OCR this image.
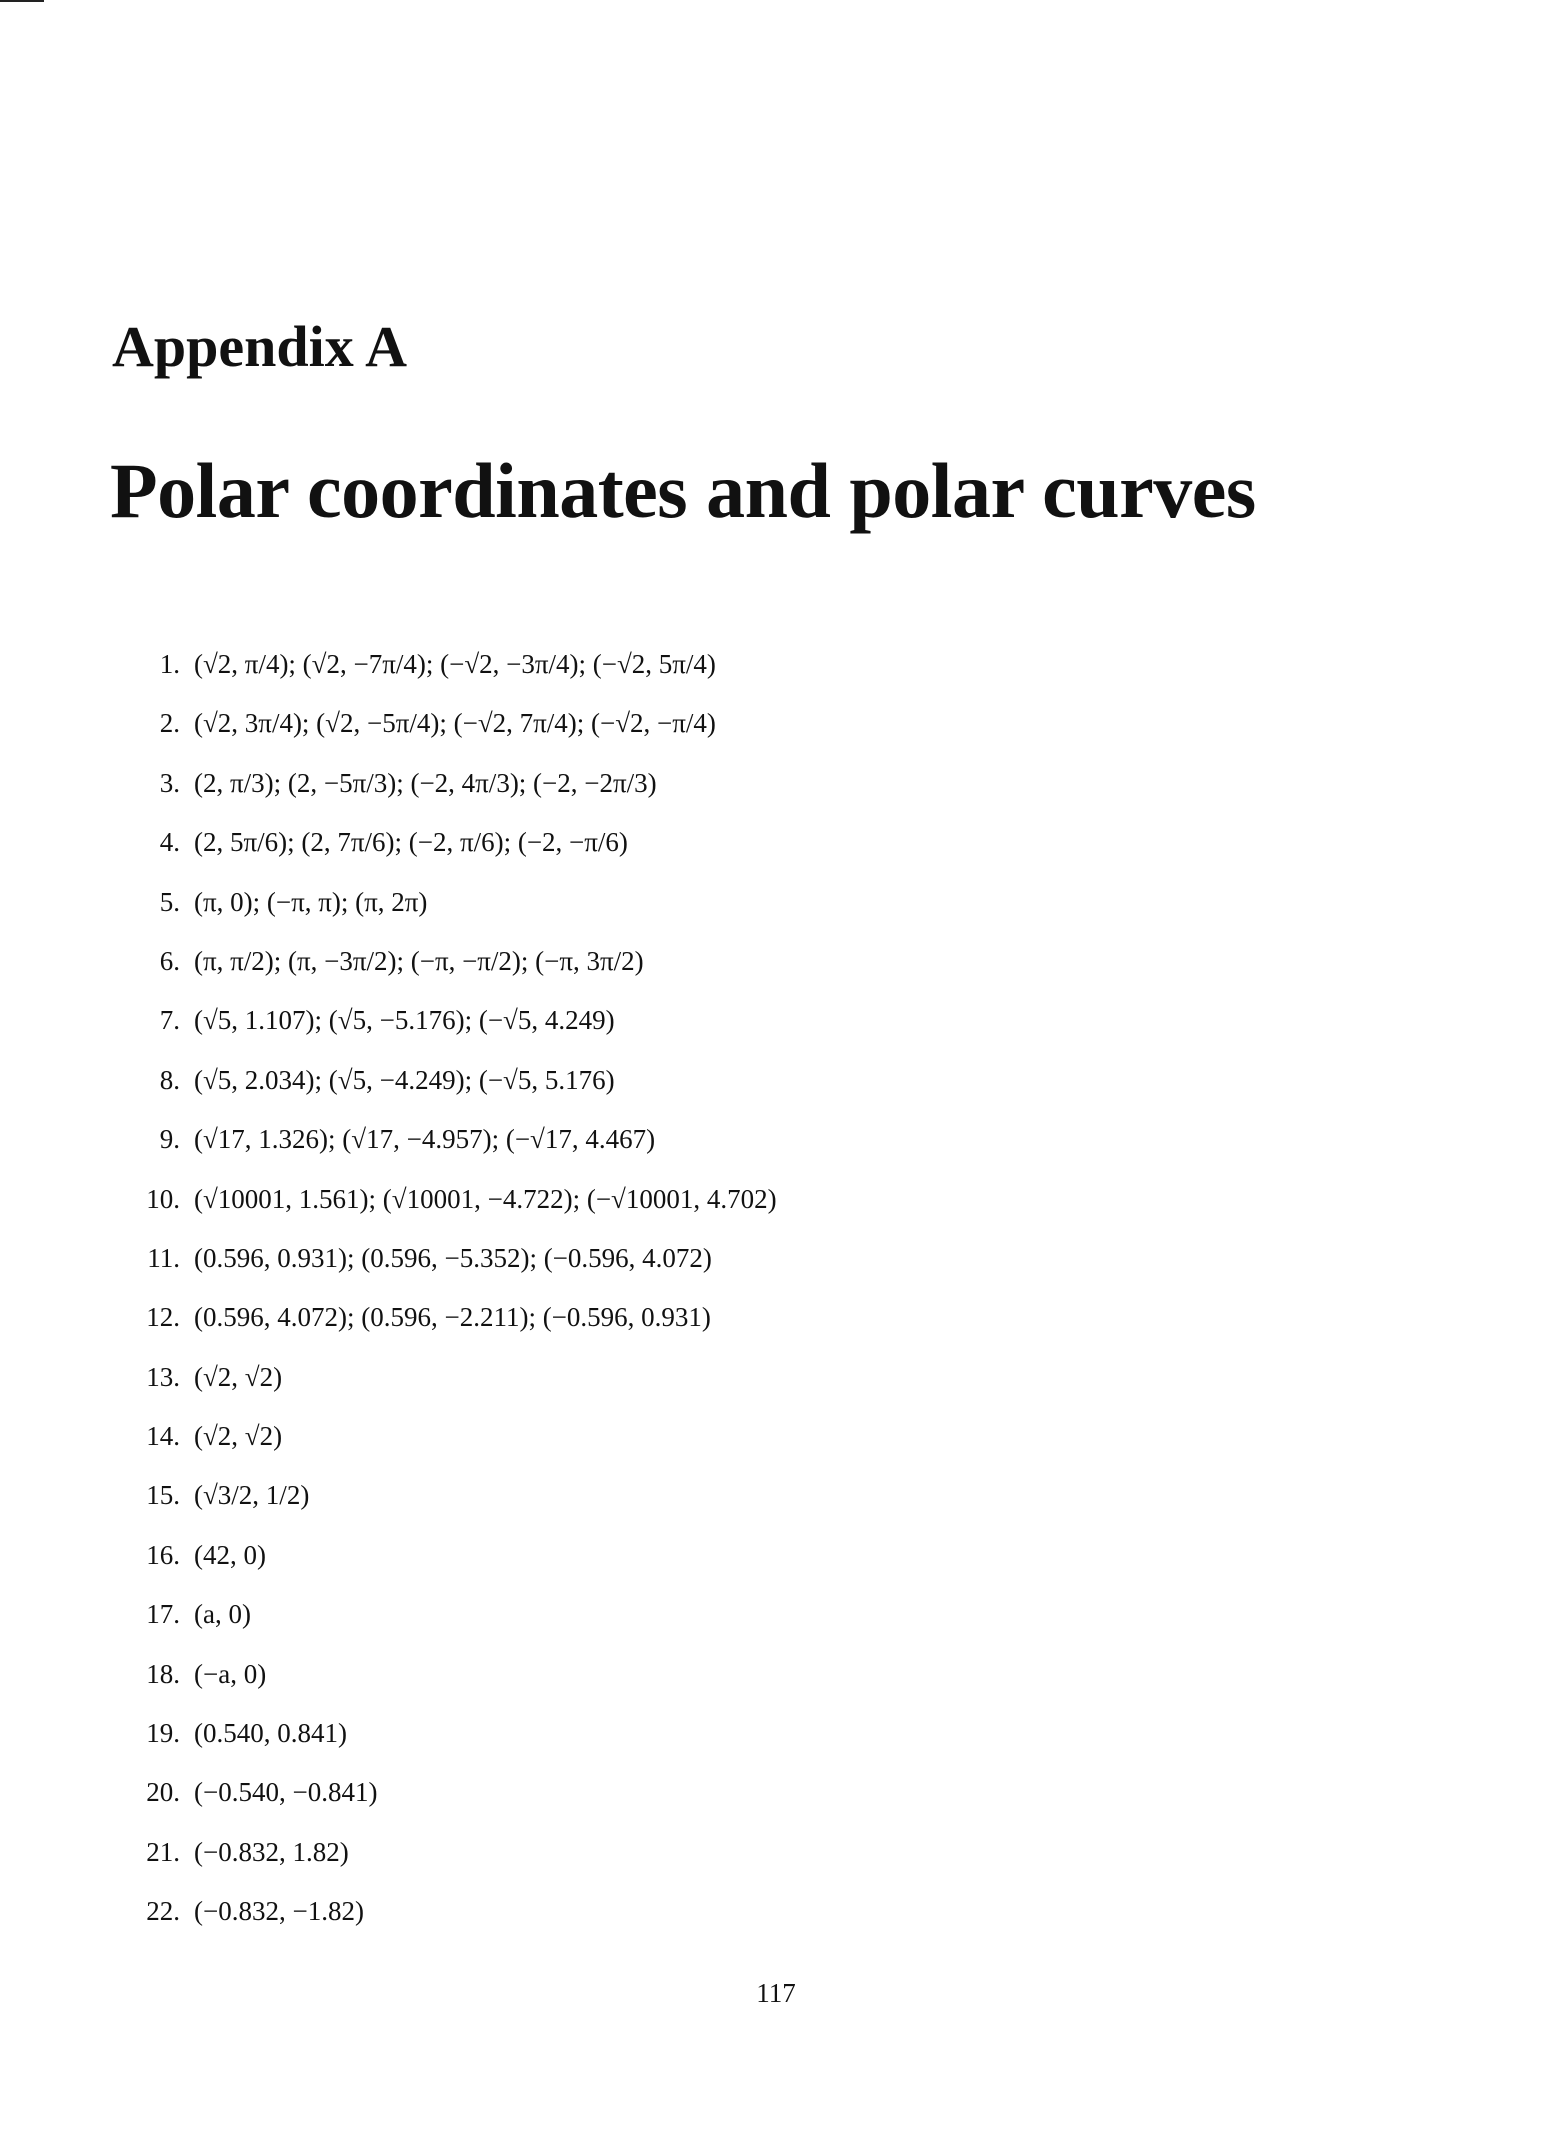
Appendix A
Polar coordinates and polar curves
1. (√2, π/4); (√2, −7π/4); (−√2, −3π/4); (−√2, 5π/4)
2. (√2, 3π/4); (√2, −5π/4); (−√2, 7π/4); (−√2, −π/4)
3. (2, π/3); (2, −5π/3); (−2, 4π/3); (−2, −2π/3)
4. (2, 5π/6); (2, 7π/6); (−2, π/6); (−2, −π/6)
5. (π, 0); (−π, π); (π, 2π)
6. (π, π/2); (π, −3π/2); (−π, −π/2); (−π, 3π/2)
7. (√5, 1.107); (√5, −5.176); (−√5, 4.249)
8. (√5, 2.034); (√5, −4.249); (−√5, 5.176)
9. (√17, 1.326); (√17, −4.957); (−√17, 4.467)
10. (√10001, 1.561); (√10001, −4.722); (−√10001, 4.702)
11. (0.596, 0.931); (0.596, −5.352); (−0.596, 4.072)
12. (0.596, 4.072); (0.596, −2.211); (−0.596, 0.931)
13. (√2, √2)
14. (√2, √2)
15. (√3/2, 1/2)
16. (42, 0)
17. (a, 0)
18. (−a, 0)
19. (0.540, 0.841)
20. (−0.540, −0.841)
21. (−0.832, 1.82)
22. (−0.832, −1.82)
117
